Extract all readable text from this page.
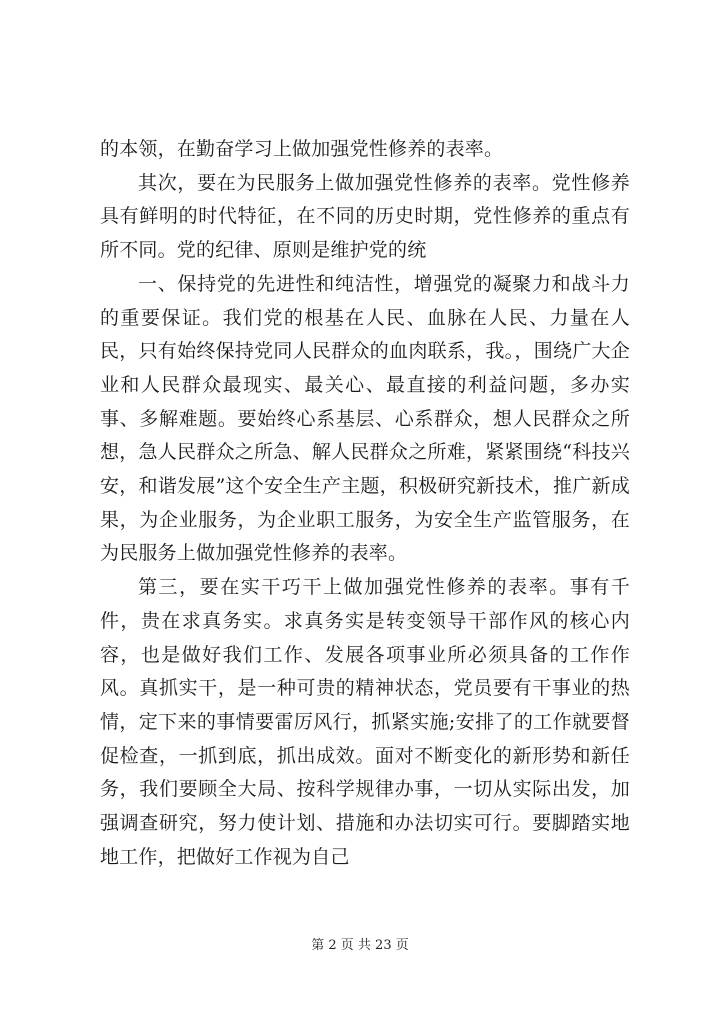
的本领，在勤奋学习上做加强党性修养的表率。

其次，要在为民服务上做加强党性修养的表率。党性修养具有鲜明的时代特征，在不同的历史时期，党性修养的重点有所不同。党的纪律、原则是维护党的统

一、保持党的先进性和纯洁性，增强党的凝聚力和战斗力的重要保证。我们党的根基在人民、血脉在人民、力量在人民，只有始终保持党同人民群众的血肉联系，我。，围绕广大企业和人民群众最现实、最关心、最直接的利益问题，多办实事、多解难题。要始终心系基层、心系群众，想人民群众之所想，急人民群众之所急、解人民群众之所难，紧紧围绕“科技兴安，和谐发展”这个安全生产主题，积极研究新技术，推广新成果，为企业服务，为企业职工服务，为安全生产监管服务，在为民服务上做加强党性修养的表率。

第三，要在实干巧干上做加强党性修养的表率。事有千件，贵在求真务实。求真务实是转变领导干部作风的核心内容，也是做好我们工作、发展各项事业所必须具备的工作作风。真抓实干，是一种可贵的精神状态，党员要有干事业的热情，定下来的事情要雷厉风行，抓紧实施;安排了的工作就要督促检查，一抓到底，抓出成效。面对不断变化的新形势和新任务，我们要顾全大局、按科学规律办事，一切从实际出发，加强调查研究，努力使计划、措施和办法切实可行。要脚踏实地地工作，把做好工作视为自己

第 2 页 共 23 页
